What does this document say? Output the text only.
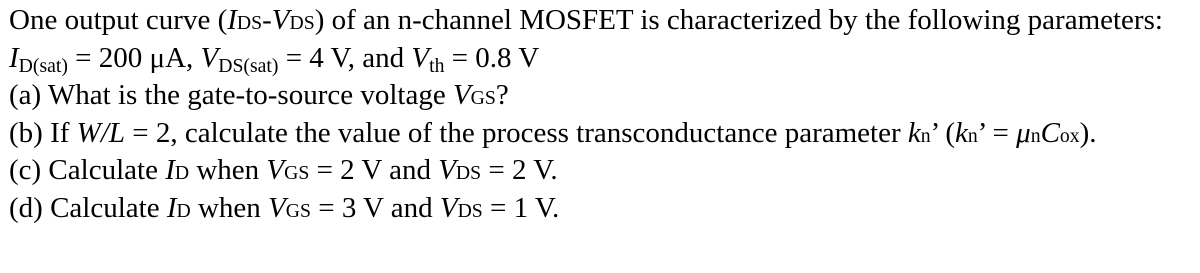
One output curve (IDS-VDS) of an n-channel MOSFET is characterized by the following parameters:
ID(sat) = 200 μA, VDS(sat) = 4 V, and Vth = 0.8 V
(a) What is the gate-to-source voltage VGS?
(b) If W/L = 2, calculate the value of the process transconductance parameter kn’ (kn’ = μnCox).
(c) Calculate ID when VGS = 2 V and VDS = 2 V.
(d) Calculate ID when VGS = 3 V and VDS = 1 V.
